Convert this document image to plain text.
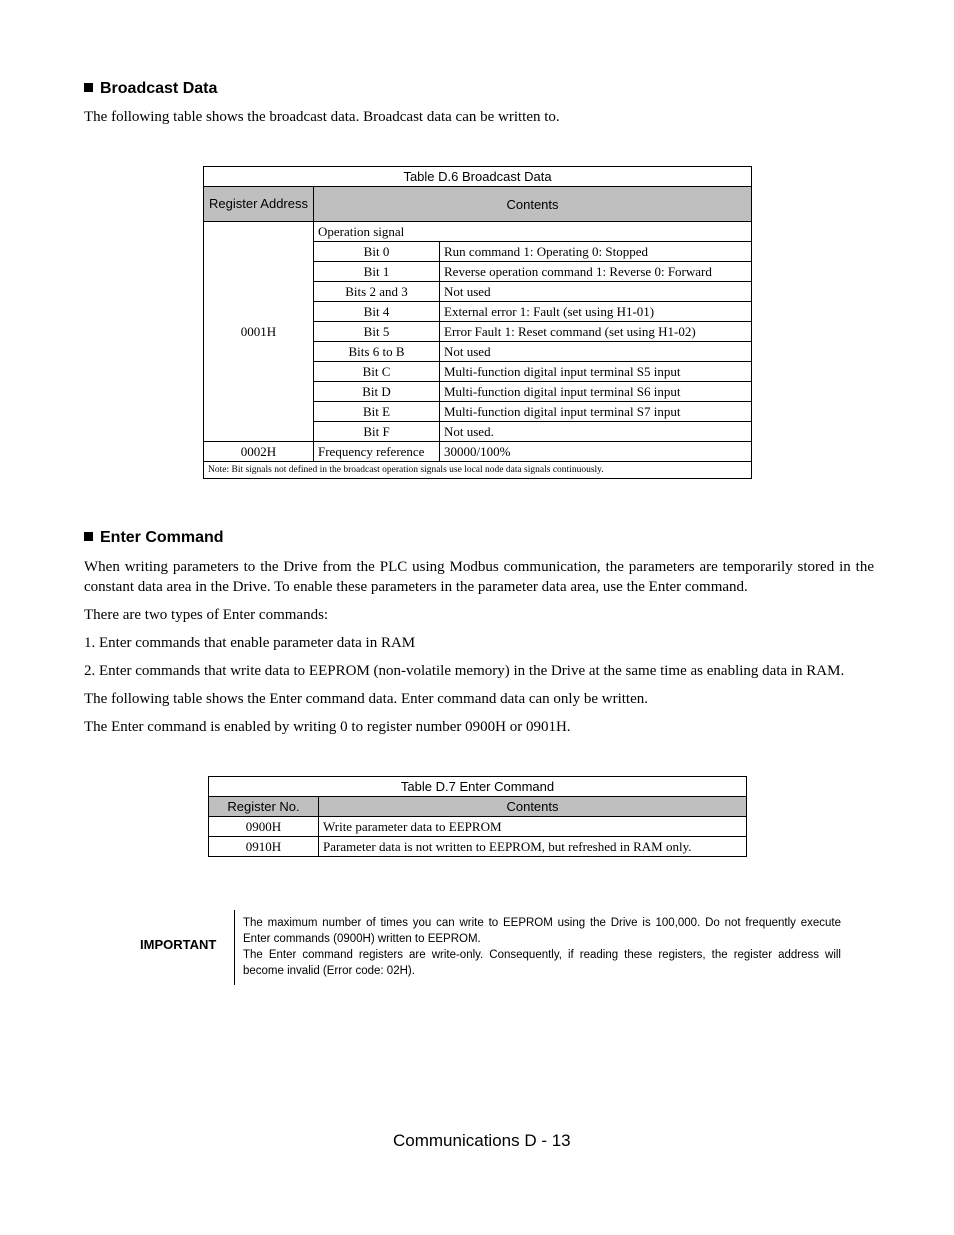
Broadcast Data
The following table shows the broadcast data. Broadcast data can be written to.
Table D.6 Broadcast Data		
Register Address	Contents	
0001H	Operation signal	
	Bit 0	Run command 1: Operating 0: Stopped
	Bit 1	Reverse operation command 1: Reverse 0: Forward
	Bits 2 and 3	Not used
	Bit 4	External error 1: Fault (set using H1-01)
	Bit 5	Error Fault 1: Reset command (set using H1-02)
	Bits 6 to B	Not used
	Bit C	Multi-function digital input terminal S5 input
	Bit D	Multi-function digital input terminal S6 input
	Bit E	Multi-function digital input terminal S7 input
	Bit F	Not used.
0002H	Frequency reference	30000/100%
Note: Bit signals not defined in the broadcast operation signals use local node data signals continuously.		
Enter Command
When writing parameters to the Drive from the PLC using Modbus communication, the parameters are temporarily stored in the constant data area in the Drive. To enable these parameters in the parameter data area, use the Enter command.
There are two types of Enter commands:
1. Enter commands that enable parameter data in RAM
2. Enter commands that write data to EEPROM (non-volatile memory) in the Drive at the same time as enabling data in RAM.
The following table shows the Enter command data. Enter command data can only be written.
The Enter command is enabled by writing 0 to register number 0900H or 0901H.
Table D.7 Enter Command	
Register No.	Contents
0900H	Write parameter data to EEPROM
0910H	Parameter data is not written to EEPROM, but refreshed in RAM only.
IMPORTANT
The maximum number of times you can write to EEPROM using the Drive is 100,000. Do not frequently execute Enter commands (0900H) written to EEPROM.
The Enter command registers are write-only. Consequently, if reading these registers, the register address will become invalid (Error code: 02H).
Communications D - 13
